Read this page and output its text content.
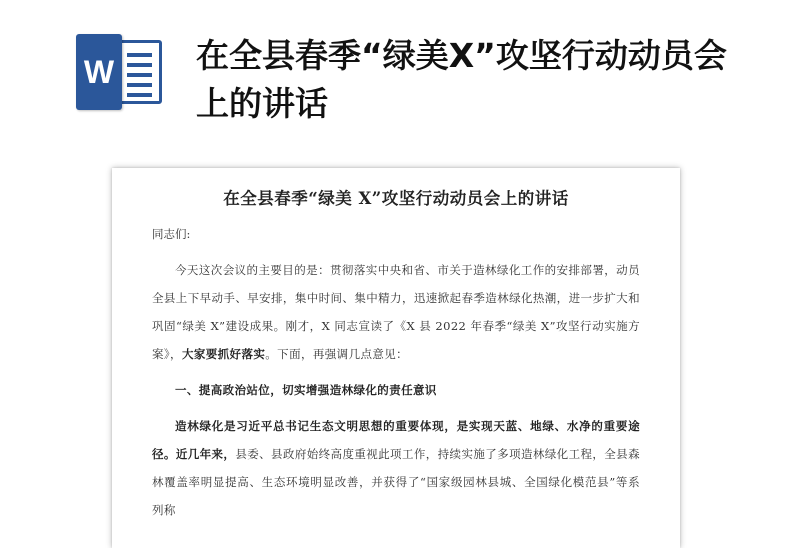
W 在全县春季“绿美X”攻坚行动动员会上的讲话
在全县春季“绿美 X”攻坚行动动员会上的讲话

同志们:

今天这次会议的主要目的是：贯彻落实中央和省、市关于造林绿化工作的安排部署，动员全县上下早动手、早安排，集中时间、集中精力，迅速掀起春季造林绿化热潮，进一步扩大和巩固“绿美 X”建设成果。刚才，X 同志宣读了《X 县 2022 年春季“绿美 X”攻坚行动实施方案》，大家要抓好落实。下面，再强调几点意见：

一、提高政治站位，切实增强造林绿化的责任意识

造林绿化是习近平总书记生态文明思想的重要体现，是实现天蓝、地绿、水净的重要途径。近几年来，县委、县政府始终高度重视此项工作，持续实施了多项造林绿化工程，全县森林覆盖率明显提高、生态环境明显改善，并获得了“国家级园林县城、全国绿化模范县”等系列称
